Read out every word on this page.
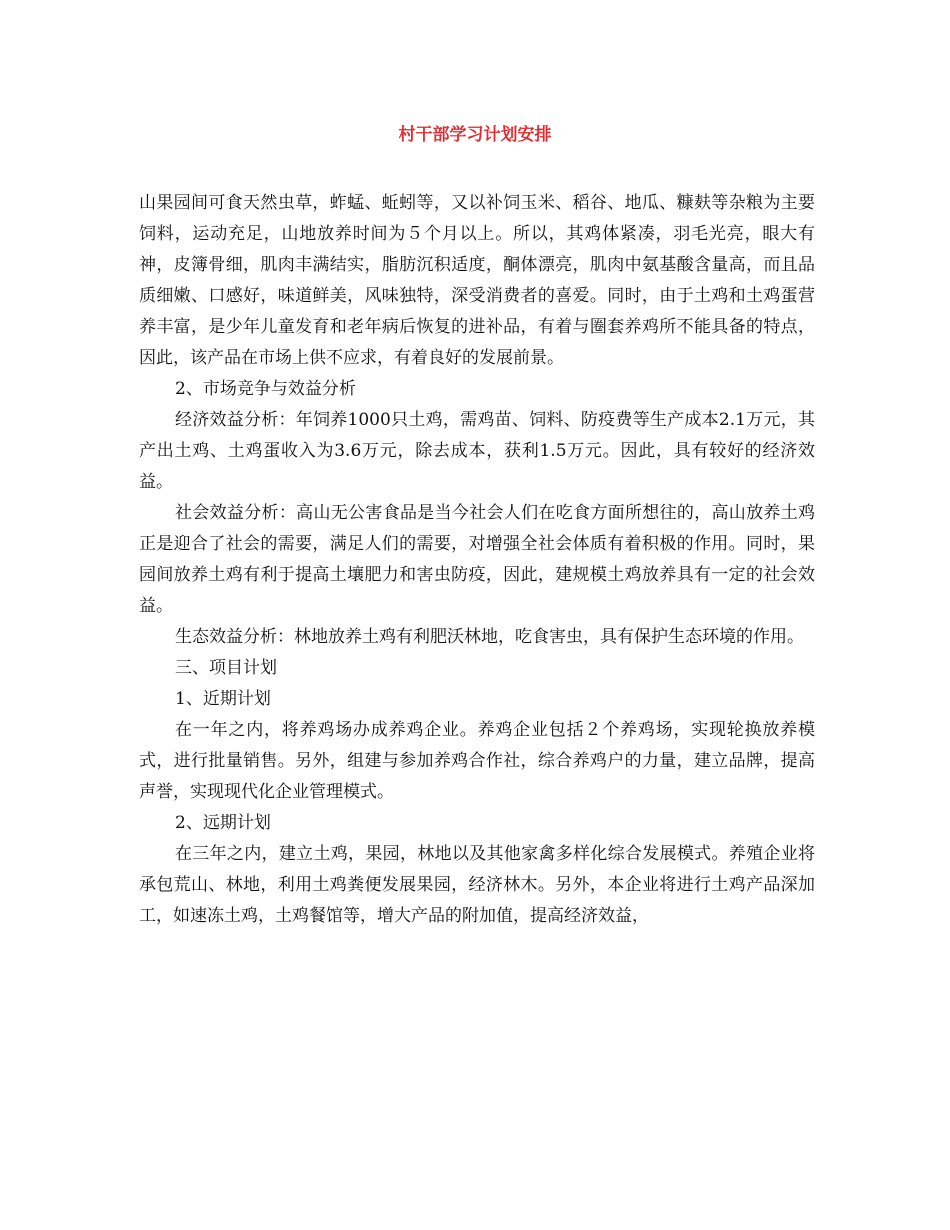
村干部学习计划安排

山果园间可食天然虫草，蚱蜢、蚯蚓等，又以补饲玉米、稻谷、地瓜、糠麸等杂粮为主要饲料，运动充足，山地放养时间为５个月以上。所以，其鸡体紧凑，羽毛光亮，眼大有神，皮簿骨细，肌肉丰满结实，脂肪沉积适度，酮体漂亮，肌肉中氨基酸含量高，而且品质细嫩、口感好，味道鲜美，风味独特，深受消费者的喜爱。同时，由于土鸡和土鸡蛋营养丰富，是少年儿童发育和老年病后恢复的进补品，有着与圈套养鸡所不能具备的特点，因此，该产品在市场上供不应求，有着良好的发展前景。

2、市场竞争与效益分析

经济效益分析：年饲养1000只土鸡，需鸡苗、饲料、防疫费等生产成本2.1万元，其产出土鸡、土鸡蛋收入为3.6万元，除去成本，获利1.5万元。因此，具有较好的经济效益。

社会效益分析：高山无公害食品是当今社会人们在吃食方面所想往的，高山放养土鸡正是迎合了社会的需要，满足人们的需要，对增强全社会体质有着积极的作用。同时，果园间放养土鸡有利于提高土壤肥力和害虫防疫，因此，建规模土鸡放养具有一定的社会效益。

生态效益分析：林地放养土鸡有利肥沃林地，吃食害虫，具有保护生态环境的作用。

三、项目计划

1、近期计划

在一年之内，将养鸡场办成养鸡企业。养鸡企业包括２个养鸡场，实现轮换放养模式，进行批量销售。另外，组建与参加养鸡合作社，综合养鸡户的力量，建立品牌，提高声誉，实现现代化企业管理模式。

2、远期计划

在三年之内，建立土鸡，果园，林地以及其他家禽多样化综合发展模式。养殖企业将承包荒山、林地，利用土鸡粪便发展果园，经济林木。另外，本企业将进行土鸡产品深加工，如速冻土鸡，土鸡餐馆等，增大产品的附加值，提高经济效益，
